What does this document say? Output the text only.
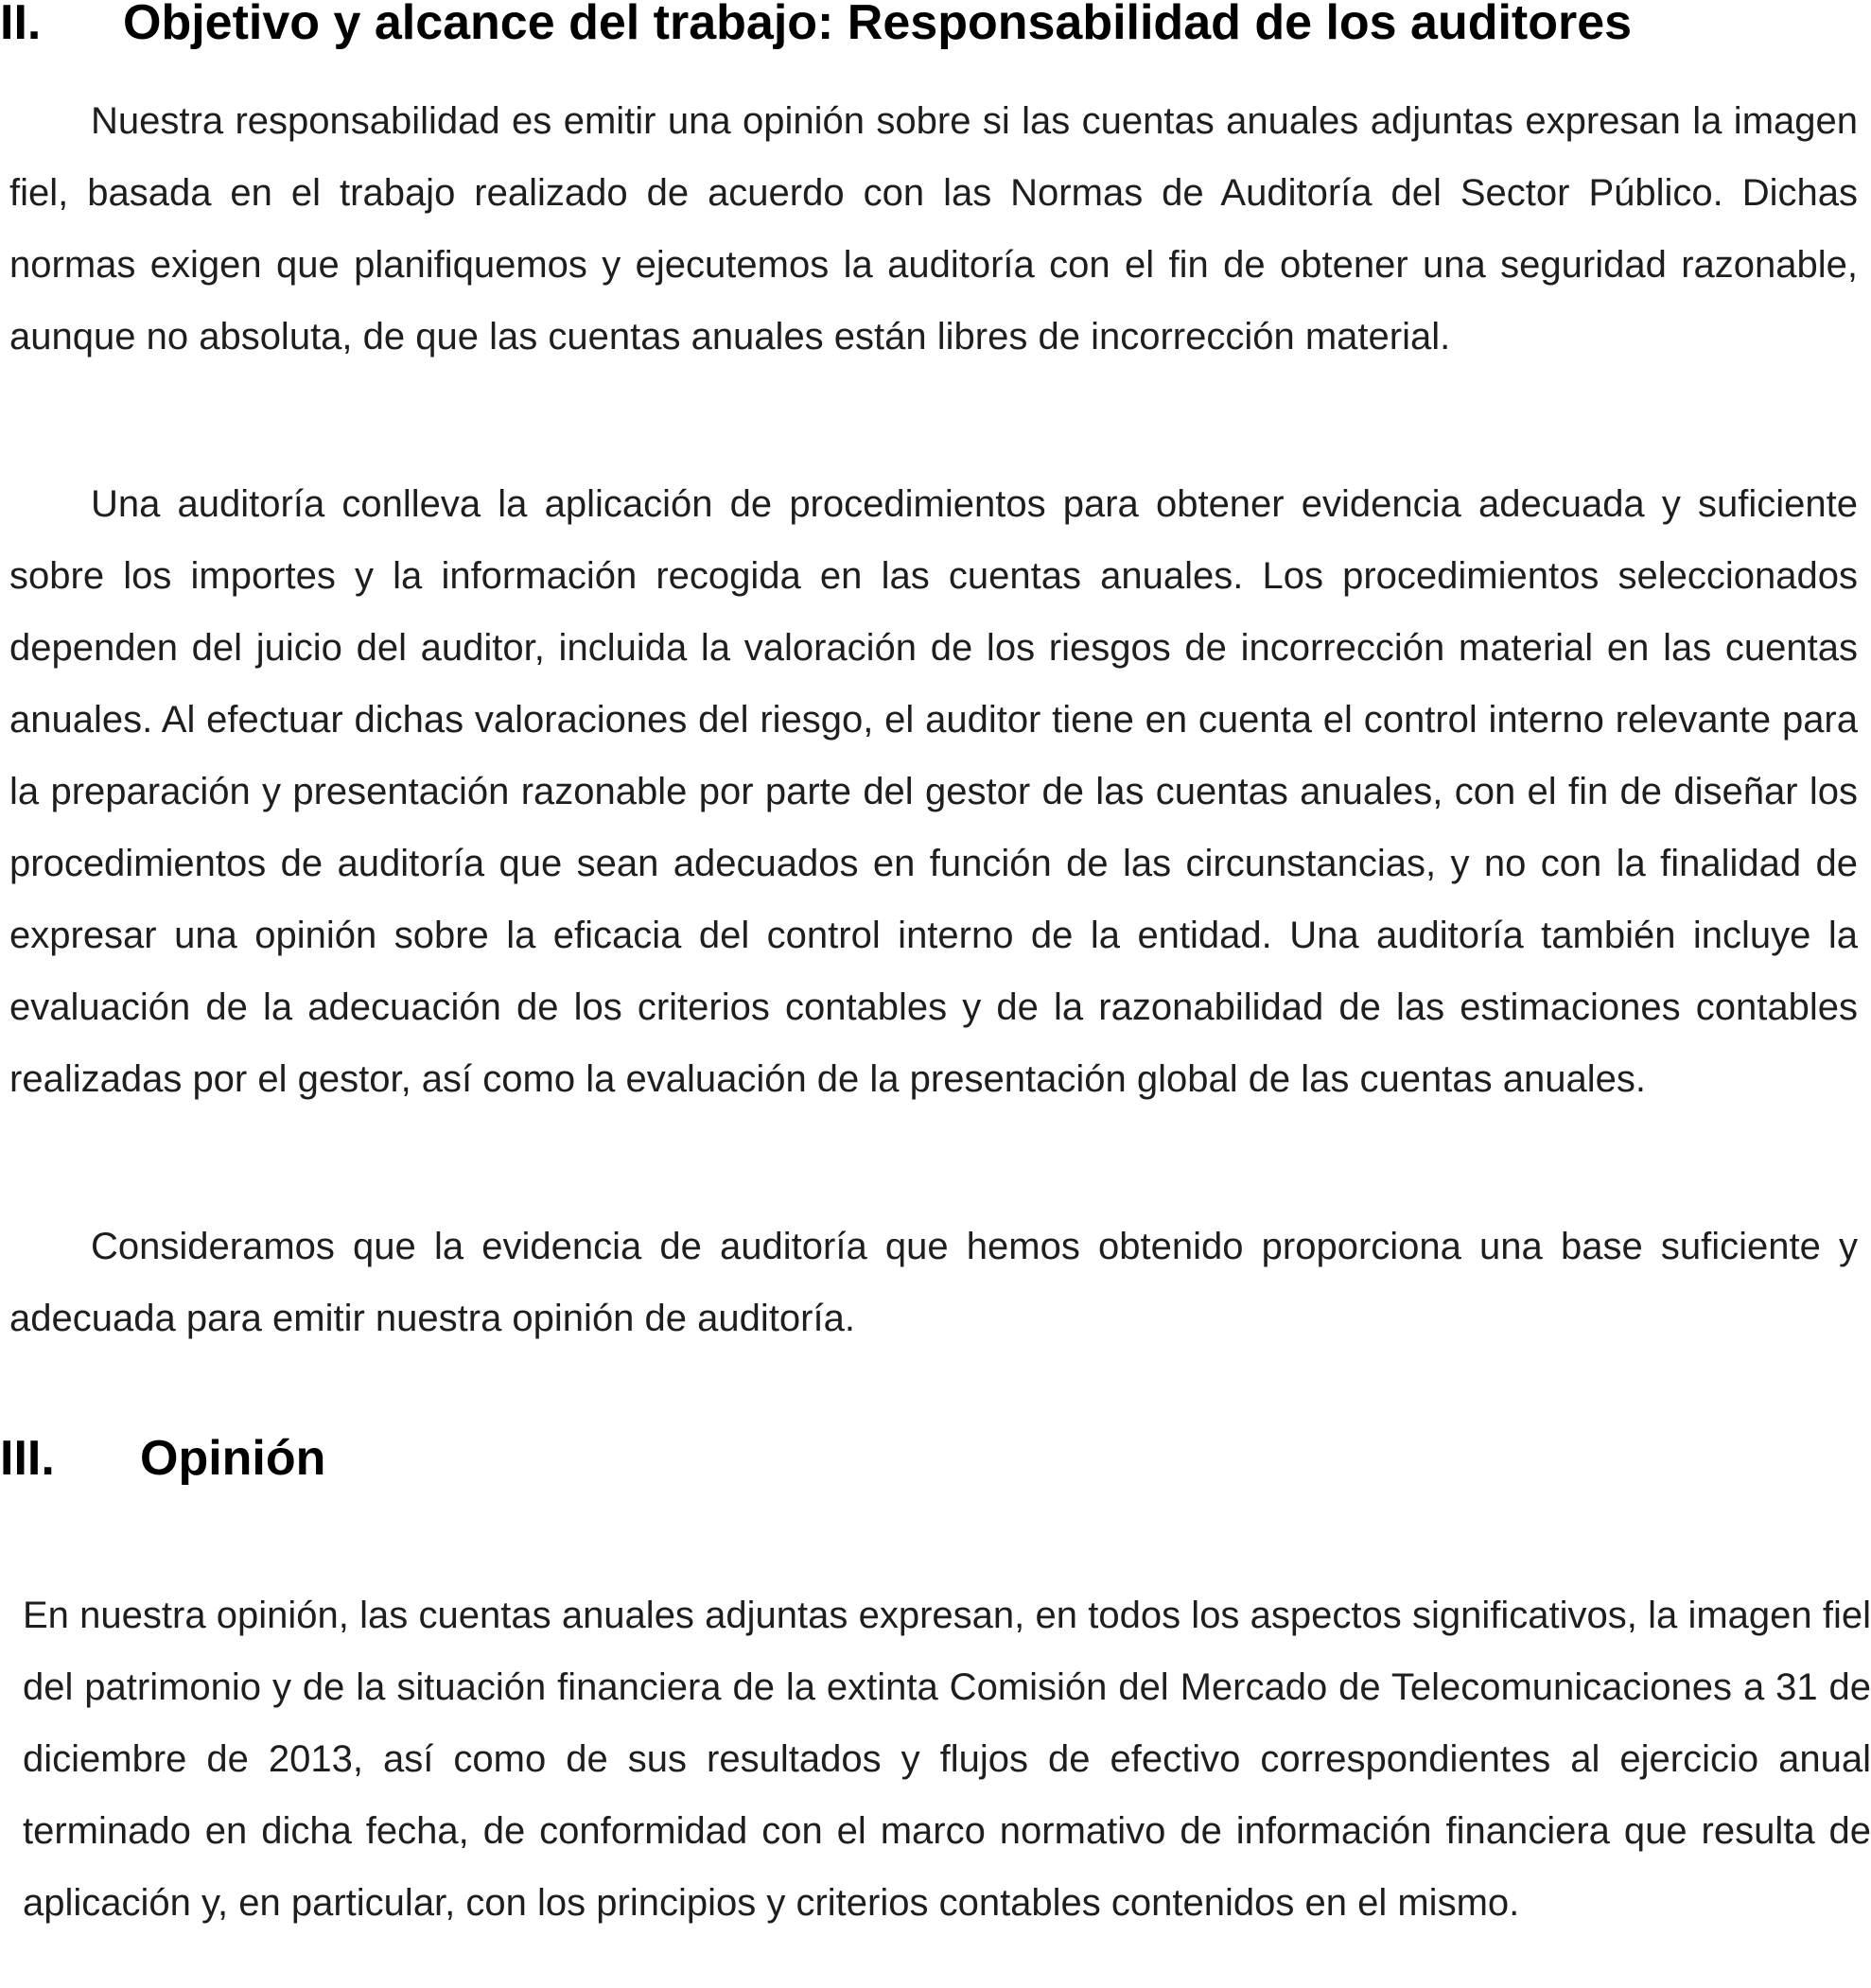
II. Objetivo y alcance del trabajo: Responsabilidad de los auditores

Nuestra responsabilidad es emitir una opinión sobre si las cuentas anuales adjuntas expresan la imagen fiel, basada en el trabajo realizado de acuerdo con las Normas de Auditoría del Sector Público. Dichas normas exigen que planifiquemos y ejecutemos la auditoría con el fin de obtener una seguridad razonable, aunque no absoluta, de que las cuentas anuales están libres de incorrección material.

Una auditoría conlleva la aplicación de procedimientos para obtener evidencia adecuada y suficiente sobre los importes y la información recogida en las cuentas anuales. Los procedimientos seleccionados dependen del juicio del auditor, incluida la valoración de los riesgos de incorrección material en las cuentas anuales. Al efectuar dichas valoraciones del riesgo, el auditor tiene en cuenta el control interno relevante para la preparación y presentación razonable por parte del gestor de las cuentas anuales, con el fin de diseñar los procedimientos de auditoría que sean adecuados en función de las circunstancias, y no con la finalidad de expresar una opinión sobre la eficacia del control interno de la entidad. Una auditoría también incluye la evaluación de la adecuación de los criterios contables y de la razonabilidad de las estimaciones contables realizadas por el gestor, así como la evaluación de la presentación global de las cuentas anuales.

Consideramos que la evidencia de auditoría que hemos obtenido proporciona una base suficiente y adecuada para emitir nuestra opinión de auditoría.

III. Opinión

En nuestra opinión, las cuentas anuales adjuntas expresan, en todos los aspectos significativos, la imagen fiel del patrimonio y de la situación financiera de la extinta Comisión del Mercado de Telecomunicaciones a 31 de diciembre de 2013, así como de sus resultados y flujos de efectivo correspondientes al ejercicio anual terminado en dicha fecha, de conformidad con el marco normativo de información financiera que resulta de aplicación y, en particular, con los principios y criterios contables contenidos en el mismo.
